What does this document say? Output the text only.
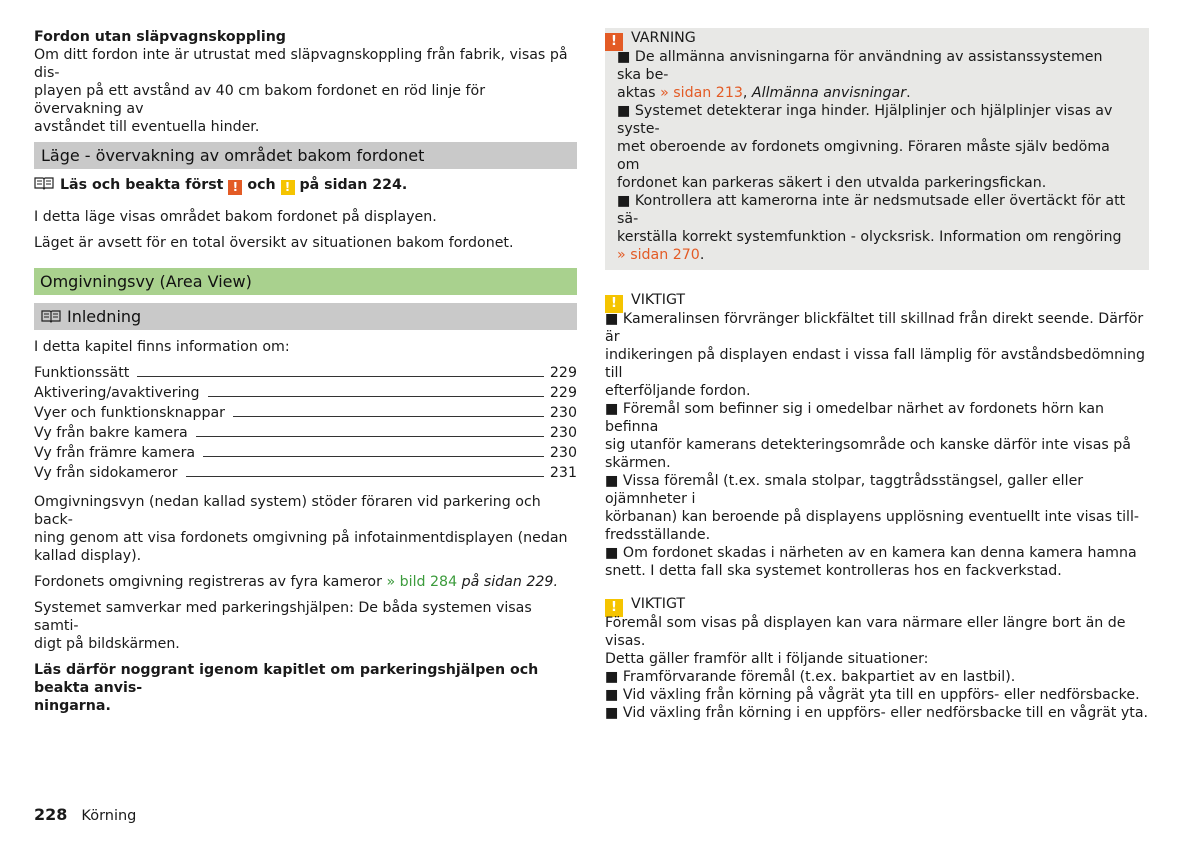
Fordon utan släpvagnskoppling

Om ditt fordon inte är utrustat med släpvagnskoppling från fabrik, visas på dis-
playen på ett avstånd av 40 cm bakom fordonet en röd linje för övervakning av
avståndet till eventuella hinder.

Läge - övervakning av området bakom fordonet

Läs och beakta först ! och ! på sidan 224.

I detta läge visas området bakom fordonet på displayen.

Läget är avsett för en total översikt av situationen bakom fordonet.

Omgivningsvy (Area View)
Inledning

I detta kapitel finns information om:

Funktionssätt	229
Aktivering/avaktivering	229
Vyer och funktionsknappar	230
Vy från bakre kamera	230
Vy från främre kamera	230
Vy från sidokameror	231

Omgivningsvyn (nedan kallad system) stöder föraren vid parkering och back-
ning genom att visa fordonets omgivning på infotainmentdisplayen (nedan
kallad display).

Fordonets omgivning registreras av fyra kameror » bild 284 på sidan 229.

Systemet samverkar med parkeringshjälpen: De båda systemen visas samti-
digt på bildskärmen.

Läs därför noggrant igenom kapitlet om parkeringshjälpen och beakta anvis-
ningarna.

! VARNING

■ De allmänna anvisningarna för användning av assistanssystemen ska be-
aktas » sidan 213, Allmänna anvisningar.

■ Systemet detekterar inga hinder. Hjälplinjer och hjälplinjer visas av syste-
met oberoende av fordonets omgivning. Föraren måste själv bedöma om
fordonet kan parkeras säkert i den utvalda parkeringsfickan.

■ Kontrollera att kamerorna inte är nedsmutsade eller övertäckt för att sä-
kerställa korrekt systemfunktion - olycksrisk. Information om rengöring
» sidan 270.

! VIKTIGT

■ Kameralinsen förvränger blickfältet till skillnad från direkt seende. Därför är
indikeringen på displayen endast i vissa fall lämplig för avståndsbedömning till
efterföljande fordon.

■ Föremål som befinner sig i omedelbar närhet av fordonets hörn kan befinna
sig utanför kamerans detekteringsområde och kanske därför inte visas på
skärmen.

■ Vissa föremål (t.ex. smala stolpar, taggtrådsstängsel, galler eller ojämnheter i
körbanan) kan beroende på displayens upplösning eventuellt inte visas till-
fredsställande.

■ Om fordonet skadas i närheten av en kamera kan denna kamera hamna
snett. I detta fall ska systemet kontrolleras hos en fackverkstad.

! VIKTIGT

Föremål som visas på displayen kan vara närmare eller längre bort än de visas.
Detta gäller framför allt i följande situationer:

■ Framförvarande föremål (t.ex. bakpartiet av en lastbil).

■ Vid växling från körning på vågrät yta till en uppförs- eller nedförsbacke.

■ Vid växling från körning i en uppförs- eller nedförsbacke till en vågrät yta.

228 Körning
